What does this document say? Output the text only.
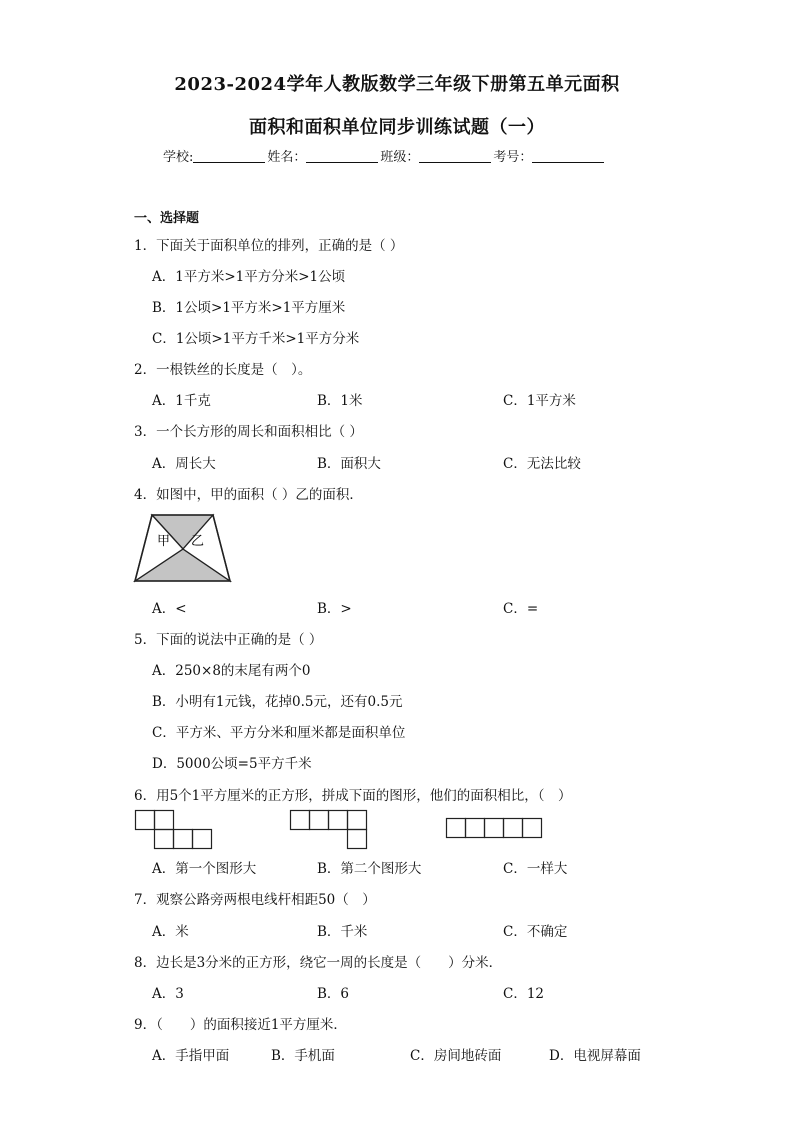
2023-2024学年人教版数学三年级下册第五单元面积
面积和面积单位同步训练试题（一）
学校:	姓名：	班级：	考号：
一、选择题
1．下面关于面积单位的排列，正确的是（ ）
A．1平方米>1平方分米>1公顷
B．1公顷>1平方米>1平方厘米
C．1公顷>1平方千米>1平方分米
2．一根铁丝的长度是（　）。
A．1千克	B．1米	C．1平方米
3．一个长方形的周长和面积相比（ ）
A．周长大	B．面积大	C．无法比较
4．如图中，甲的面积（ ）乙的面积．
甲 乙
A．<	B．>	C．=
5．下面的说法中正确的是（ ）
A．250×8的末尾有两个0
B．小明有1元钱，花掉0.5元，还有0.5元
C．平方米、平方分米和厘米都是面积单位
D．5000公顷=5平方千米
6．用5个1平方厘米的正方形，拼成下面的图形，他们的面积相比，（　）
A．第一个图形大	B．第二个图形大	C．一样大
7．观察公路旁两根电线杆相距50（　）
A．米	B．千米	C．不确定
8．边长是3分米的正方形，绕它一周的长度是（　　）分米．
A．3	B．6	C．12
9．（　　）的面积接近1平方厘米．
A．手指甲面	B．手机面	C．房间地砖面	D．电视屏幕面
